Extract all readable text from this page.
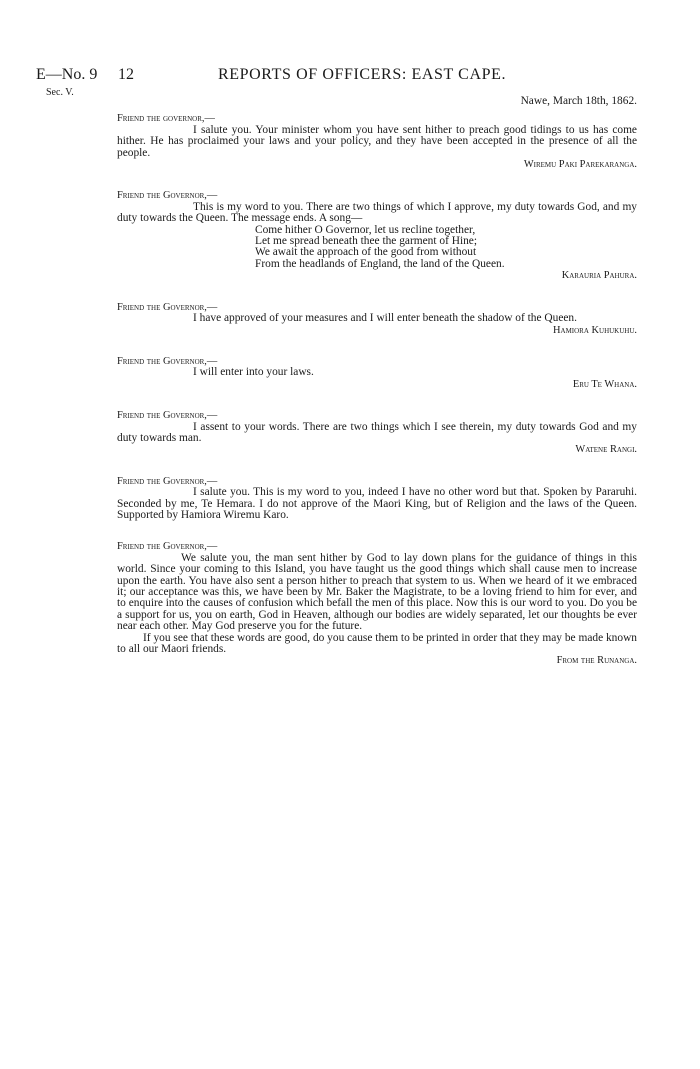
E—No. 9
Sec. V.
12	REPORTS OF OFFICERS: EAST CAPE.

Nawe, March 18th, 1862.

Friend the governor,—

I salute you. Your minister whom you have sent hither to preach good tidings to us has come hither. He has proclaimed your laws and your policy, and they have been accepted in the presence of all the people.

Wiremu Paki Parekaranga.

Friend the Governor,—

This is my word to you. There are two things of which I approve, my duty towards God, and my duty towards the Queen. The message ends. A song—

Come hither O Governor, let us recline together,
Let me spread beneath thee the garment of Hine;
We await the approach of the good from without
From the headlands of England, the land of the Queen.

Karauria Pahura.

Friend the Governor,—

I have approved of your measures and I will enter beneath the shadow of the Queen.

Hamiora Kuhukuhu.

Friend the Governor,—

I will enter into your laws.

Eru Te Whana.

Friend the Governor,—

I assent to your words. There are two things which I see therein, my duty towards God and my duty towards man.

Watene Rangi.

Friend the Governor,—

I salute you. This is my word to you, indeed I have no other word but that. Spoken by Pararuhi. Seconded by me, Te Hemara. I do not approve of the Maori King, but of Religion and the laws of the Queen. Supported by Hamiora Wiremu Karo.

Friend the Governor,—

We salute you, the man sent hither by God to lay down plans for the guidance of things in this world. Since your coming to this Island, you have taught us the good things which shall cause men to increase upon the earth. You have also sent a person hither to preach that system to us. When we heard of it we embraced it; our acceptance was this, we have been by Mr. Baker the Magistrate, to be a loving friend to him for ever, and to enquire into the causes of confusion which befall the men of this place. Now this is our word to you. Do you be a support for us, you on earth, God in Heaven, although our bodies are widely separated, let our thoughts be ever near each other. May God preserve you for the future.

If you see that these words are good, do you cause them to be printed in order that they may be made known to all our Maori friends.

From the Runanga.
